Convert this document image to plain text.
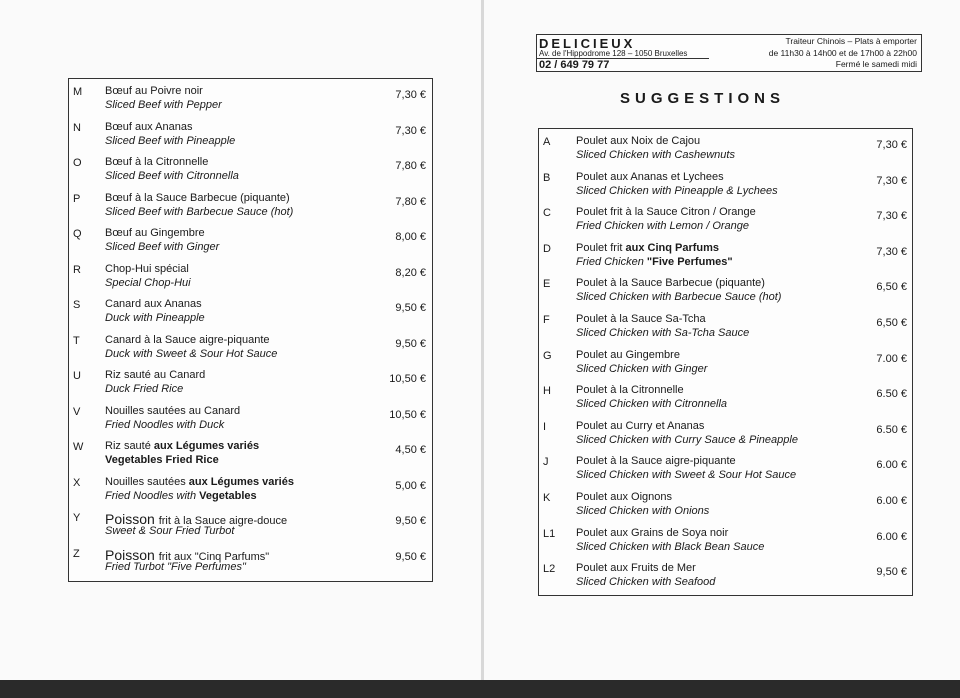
DELICIEUX
Av. de l'Hippodrome 128 – 1050 Bruxelles
02 / 649 79 77
Traiteur Chinois – Plats à emporter
de 11h30 à 14h00 et de 17h00 à 22h00
Fermé le samedi midi
SUGGESTIONS
M Bœuf au Poivre noir
Sliced Beef with Pepper
7,30 €
N Bœuf aux Ananas
Sliced Beef with Pineapple
7,30 €
O Bœuf à la Citronnelle
Sliced Beef with Citronnella
7,80 €
P Bœuf à la Sauce Barbecue (piquante)
Sliced Beef with Barbecue Sauce (hot)
7,80 €
Q Bœuf au Gingembre
Sliced Beef with Ginger
8,00 €
R Chop-Hui spécial
Special Chop-Hui
8,20 €
S Canard aux Ananas
Duck with Pineapple
9,50 €
T Canard à la Sauce aigre-piquante
Duck with Sweet & Sour Hot Sauce
9,50 €
U Riz sauté au Canard
Duck Fried Rice
10,50 €
V Nouilles sautées au Canard
Fried Noodles with Duck
10,50 €
W Riz sauté aux Légumes variés
Vegetables Fried Rice
4,50 €
X Nouilles sautées aux Légumes variés
Fried Noodles with Vegetables
5,00 €
Y Poisson frit à la Sauce aigre-douce
Sweet & Sour Fried Turbot
9,50 €
Z Poisson frit aux "Cinq Parfums"
Fried Turbot "Five Perfumes"
9,50 €
A Poulet aux Noix de Cajou
Sliced Chicken with Cashewnuts
7,30 €
B Poulet aux Ananas et Lychees
Sliced Chicken with Pineapple & Lychees
7,30 €
C Poulet frit à la Sauce Citron / Orange
Fried Chicken with Lemon / Orange
7,30 €
D Poulet frit aux Cinq Parfums
Fried Chicken "Five Perfumes"
7,30 €
E Poulet à la Sauce Barbecue (piquante)
Sliced Chicken with Barbecue Sauce (hot)
6,50 €
F Poulet à la Sauce Sa-Tcha
Sliced Chicken with Sa-Tcha Sauce
6,50 €
G Poulet au Gingembre
Sliced Chicken with Ginger
7.00 €
H Poulet à la Citronnelle
Sliced Chicken with Citronnella
6.50 €
I	Poulet au Curry et Ananas
Sliced Chicken with Curry Sauce & Pineapple
6.50 €
J	Poulet à la Sauce aigre-piquante
Sliced Chicken with Sweet & Sour Hot Sauce
6.00 €
K Poulet aux Oignons
Sliced Chicken with Onions
6.00 €
L1 Poulet aux Grains de Soya noir
Sliced Chicken with Black Bean Sauce
6.00 €
L2 Poulet aux Fruits de Mer
Sliced Chicken with Seafood
9,50 €
